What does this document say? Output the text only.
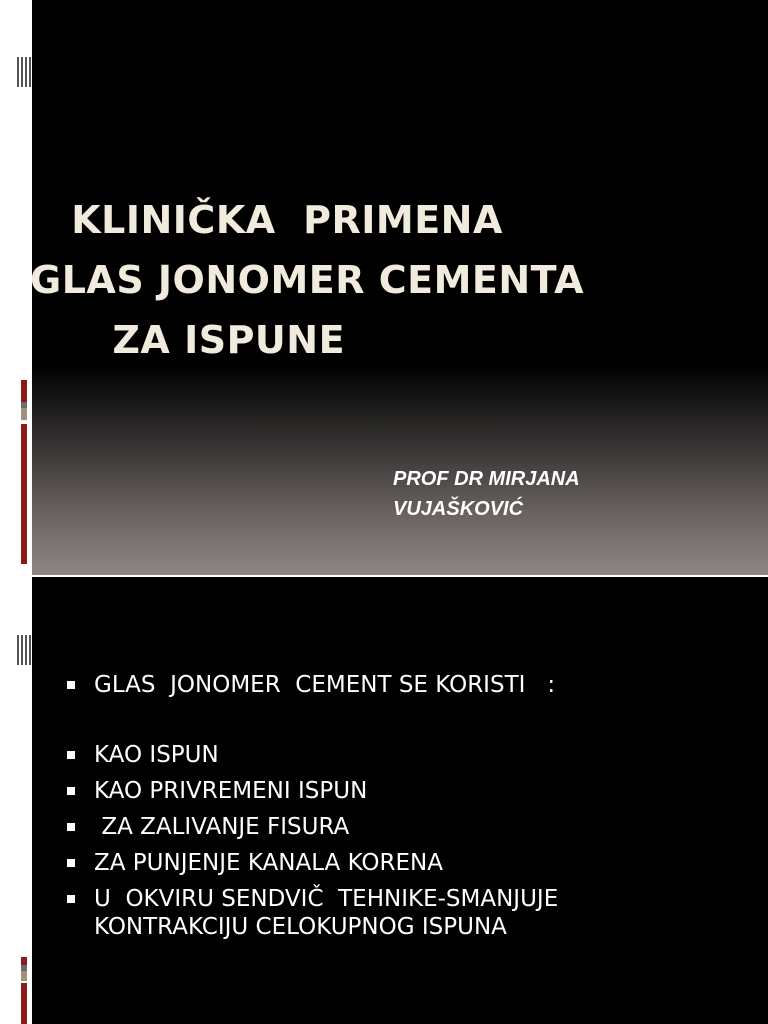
KLINIČKA  PRIMENA
GLAS JONOMER CEMENTA
ZA ISPUNE
PROF DR MIRJANA
VUJAŠKOVIĆ
GLAS  JONOMER  CEMENT SE KORISTI   :
KAO ISPUN
KAO PRIVREMENI ISPUN
ZA ZALIVANJE FISURA
ZA PUNJENJE KANALA KORENA
U  OKVIRU SENDVIČ  TEHNIKE-SMANJUJE
KONTRAKCIJU CELOKUPNOG ISPUNA
